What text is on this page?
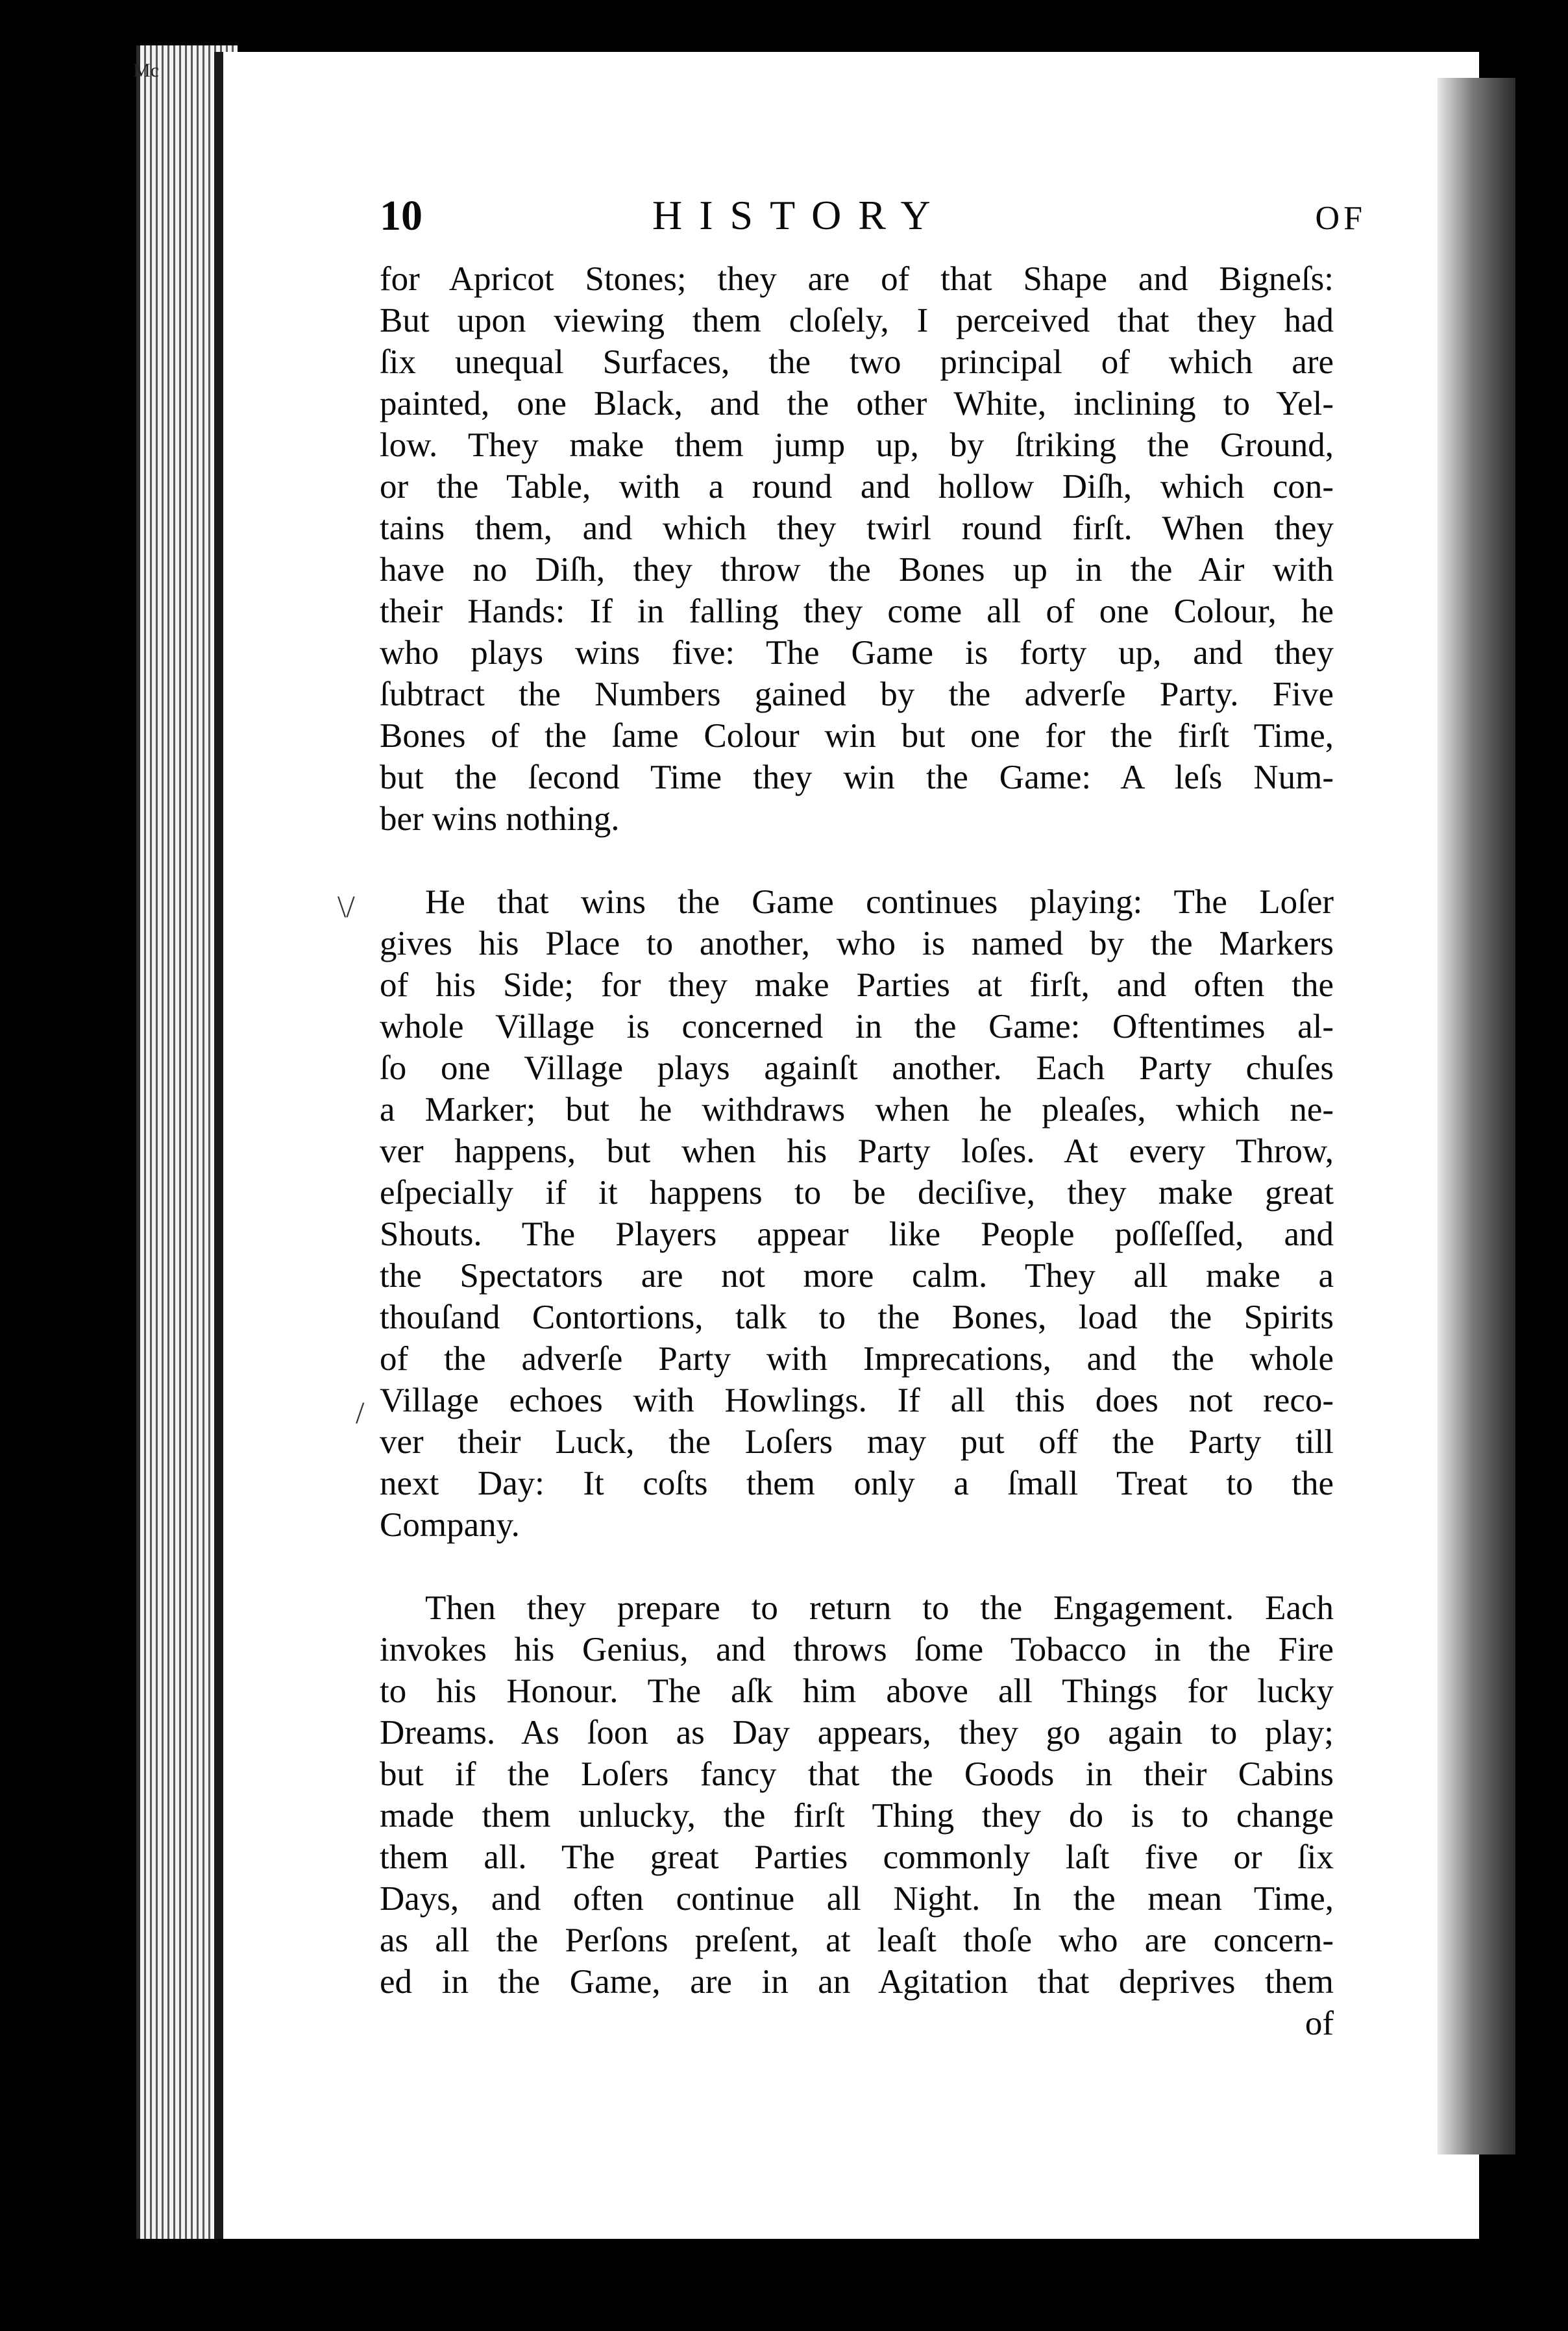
Mc
10	HISTORY	OF
\/
/
for Apricot Stones; they are of that Shape and Bigneſs:
But upon viewing them cloſely, I perceived that they had
ſix unequal Surfaces, the two principal of which are
painted, one Black, and the other White, inclining to Yel-
low. They make them jump up, by ſtriking the Ground,
or the Table, with a round and hollow Diſh, which con-
tains them, and which they twirl round firſt. When they
have no Diſh, they throw the Bones up in the Air with
their Hands: If in falling they come all of one Colour, he
who plays wins five: The Game is forty up, and they
ſubtract the Numbers gained by the adverſe Party. Five
Bones of the ſame Colour win but one for the firſt Time,
but the ſecond Time they win the Game: A leſs Num-
ber wins nothing.
He that wins the Game continues playing: The Loſer
gives his Place to another, who is named by the Markers
of his Side; for they make Parties at firſt, and often the
whole Village is concerned in the Game: Oftentimes al-
ſo one Village plays againſt another. Each Party chuſes
a Marker; but he withdraws when he pleaſes, which ne-
ver happens, but when his Party loſes. At every Throw,
eſpecially if it happens to be deciſive, they make great
Shouts. The Players appear like People poſſeſſed, and
the Spectators are not more calm. They all make a
thouſand Contortions, talk to the Bones, load the Spirits
of the adverſe Party with Imprecations, and the whole
Village echoes with Howlings. If all this does not reco-
ver their Luck, the Loſers may put off the Party till
next Day: It coſts them only a ſmall Treat to the
Company.
Then they prepare to return to the Engagement. Each
invokes his Genius, and throws ſome Tobacco in the Fire
to his Honour. The aſk him above all Things for lucky
Dreams. As ſoon as Day appears, they go again to play;
but if the Loſers fancy that the Goods in their Cabins
made them unlucky, the firſt Thing they do is to change
them all. The great Parties commonly laſt five or ſix
Days, and often continue all Night. In the mean Time,
as all the Perſons preſent, at leaſt thoſe who are concern-
ed in the Game, are in an Agitation that deprives them
of
